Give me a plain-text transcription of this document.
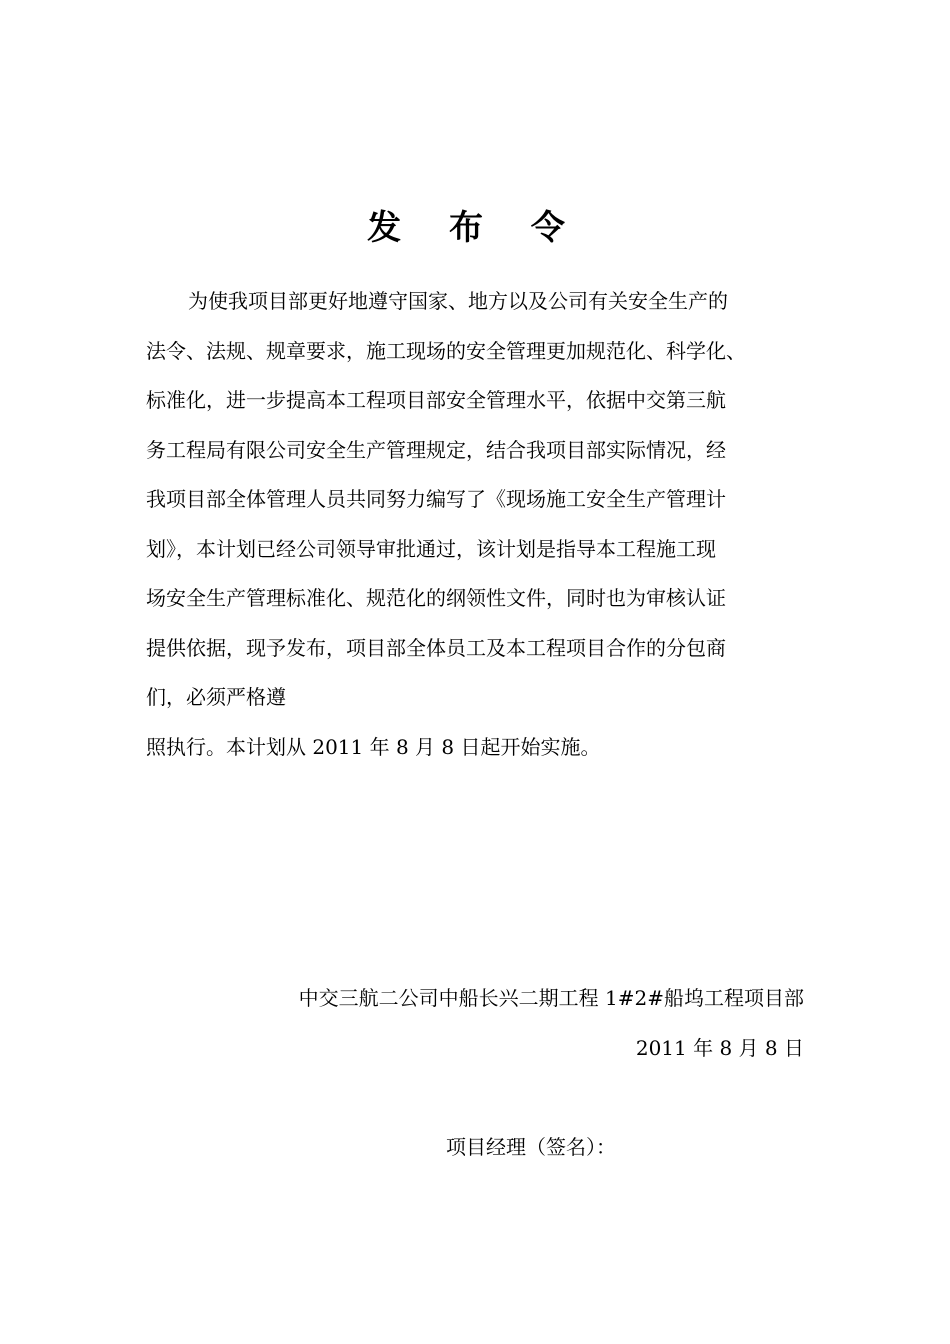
发 布 令
为使我项目部更好地遵守国家、地方以及公司有关安全生产的
法令、法规、规章要求，施工现场的安全管理更加规范化、科学化、
标准化，进一步提高本工程项目部安全管理水平，依据中交第三航
务工程局有限公司安全生产管理规定，结合我项目部实际情况，经
我项目部全体管理人员共同努力编写了《现场施工安全生产管理计
划》，本计划已经公司领导审批通过，该计划是指导本工程施工现
场安全生产管理标准化、规范化的纲领性文件，同时也为审核认证
提供依据，现予发布，项目部全体员工及本工程项目合作的分包商
们，必须严格遵
照执行。本计划从 2011 年 8 月 8 日起开始实施。
中交三航二公司中船长兴二期工程 1#2#船坞工程项目部
2011 年 8 月 8 日
项目经理（签名）：
